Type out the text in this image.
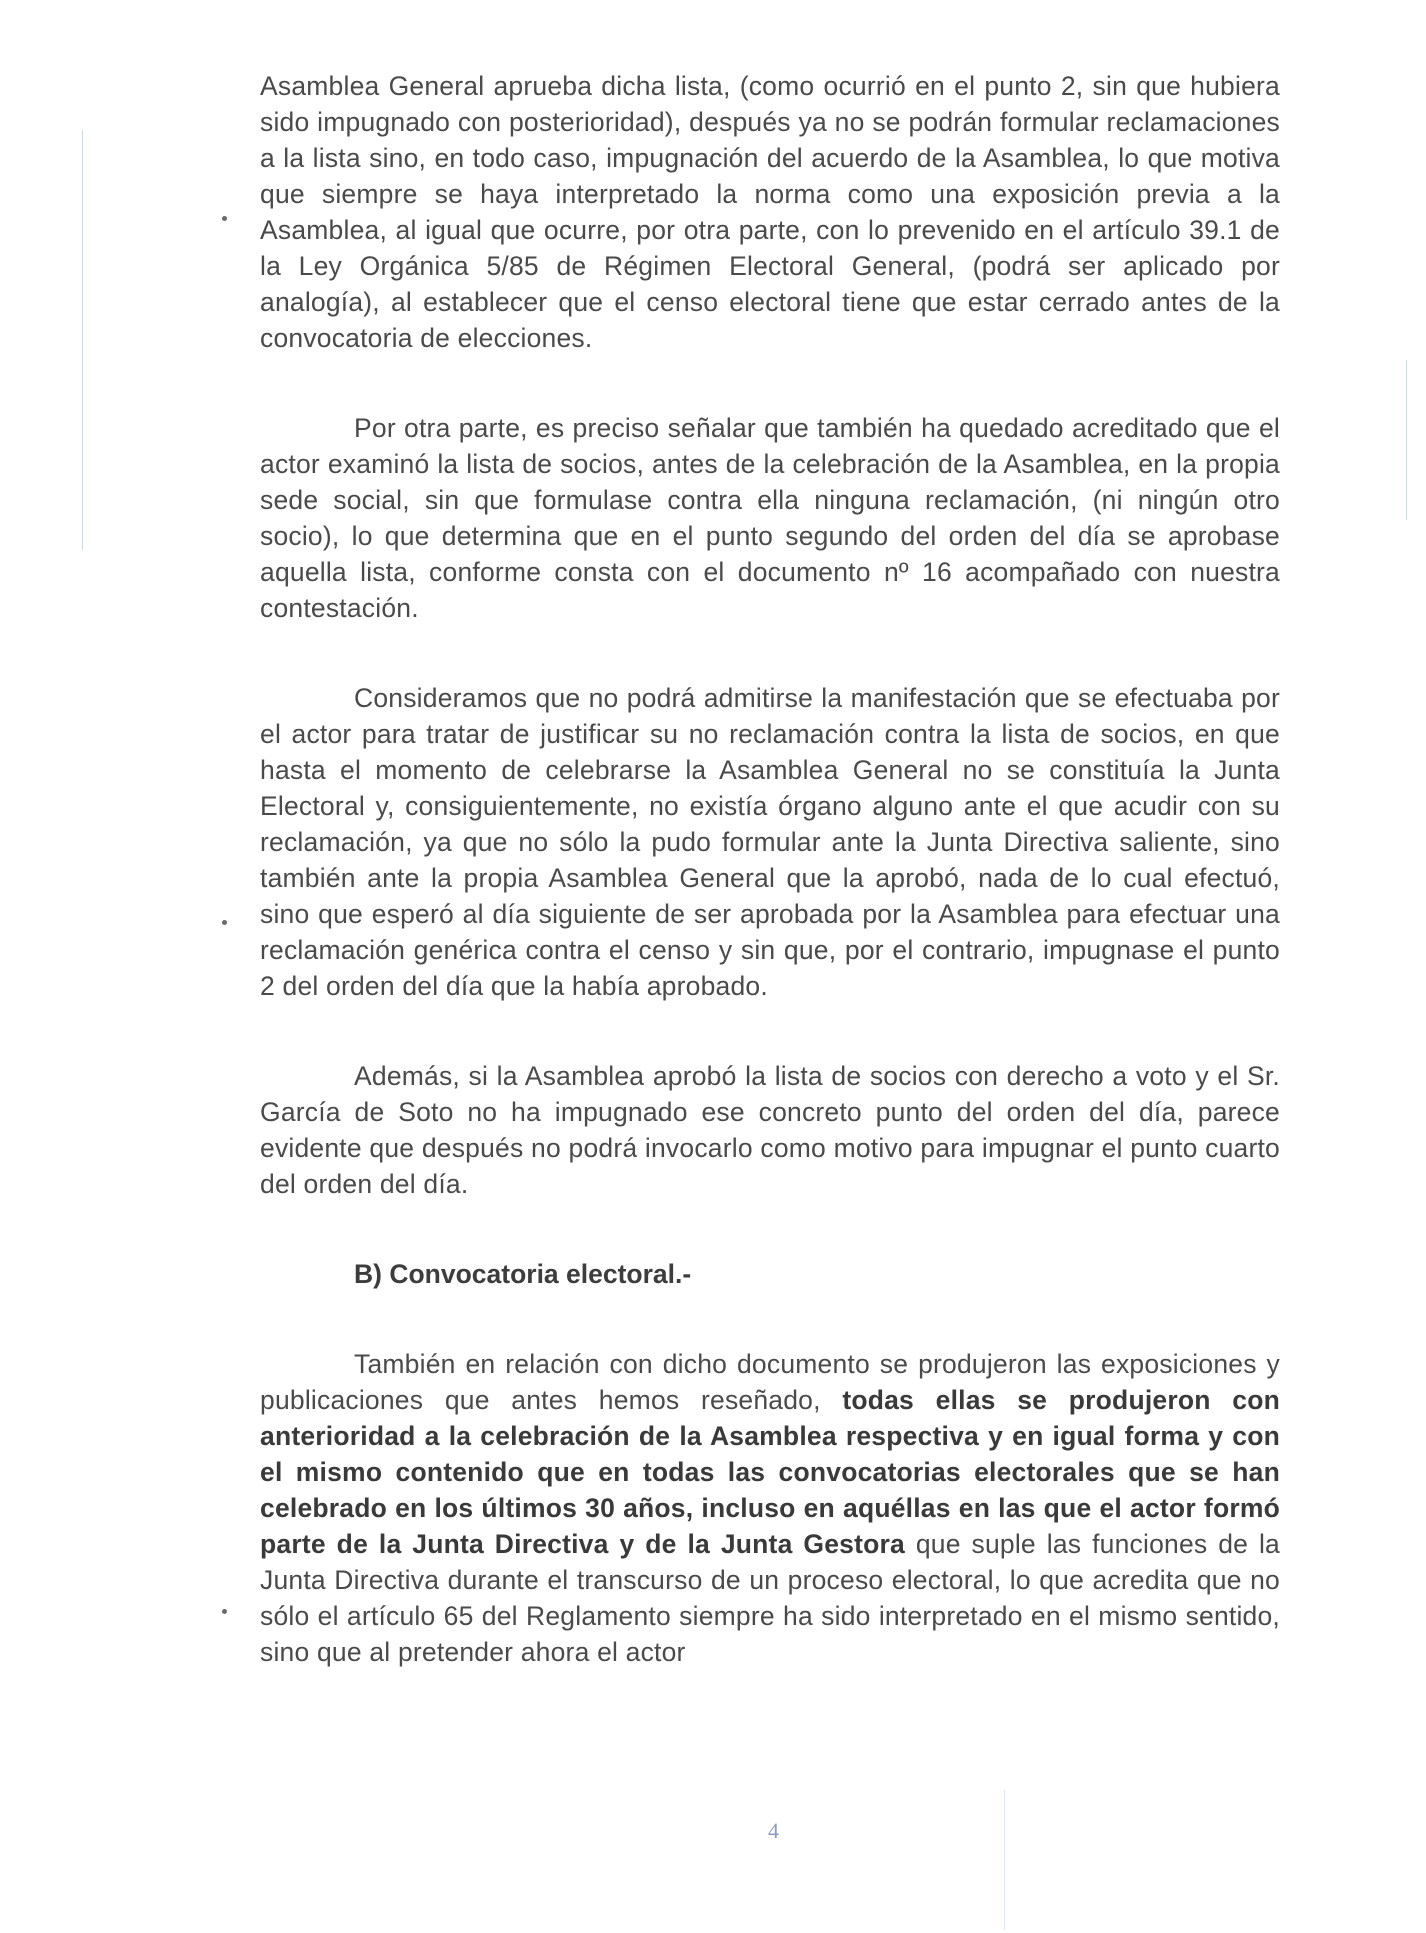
Asamblea General aprueba dicha lista, (como ocurrió en el punto 2, sin que hubiera sido impugnado con posterioridad), después ya no se podrán formular reclamaciones a la lista sino, en todo caso, impugnación del acuerdo de la Asamblea, lo que motiva que siempre se haya interpretado la norma como una exposición previa a la Asamblea, al igual que ocurre, por otra parte, con lo prevenido en el artículo 39.1 de la Ley Orgánica 5/85 de Régimen Electoral General, (podrá ser aplicado por analogía), al establecer que el censo electoral tiene que estar cerrado antes de la convocatoria de elecciones.

Por otra parte, es preciso señalar que también ha quedado acreditado que el actor examinó la lista de socios, antes de la celebración de la Asamblea, en la propia sede social, sin que formulase contra ella ninguna reclamación, (ni ningún otro socio), lo que determina que en el punto segundo del orden del día se aprobase aquella lista, conforme consta con el documento nº 16 acompañado con nuestra contestación.

Consideramos que no podrá admitirse la manifestación que se efectuaba por el actor para tratar de justificar su no reclamación contra la lista de socios, en que hasta el momento de celebrarse la Asamblea General no se constituía la Junta Electoral y, consiguientemente, no existía órgano alguno ante el que acudir con su reclamación, ya que no sólo la pudo formular ante la Junta Directiva saliente, sino también ante la propia Asamblea General que la aprobó, nada de lo cual efectuó, sino que esperó al día siguiente de ser aprobada por la Asamblea para efectuar una reclamación genérica contra el censo y sin que, por el contrario, impugnase el punto 2 del orden del día que la había aprobado.

Además, si la Asamblea aprobó la lista de socios con derecho a voto y el Sr. García de Soto no ha impugnado ese concreto punto del orden del día, parece evidente que después no podrá invocarlo como motivo para impugnar el punto cuarto del orden del día.

B) Convocatoria electoral.-

También en relación con dicho documento se produjeron las exposiciones y publicaciones que antes hemos reseñado, todas ellas se produjeron con anterioridad a la celebración de la Asamblea respectiva y en igual forma y con el mismo contenido que en todas las convocatorias electorales que se han celebrado en los últimos 30 años, incluso en aquéllas en las que el actor formó parte de la Junta Directiva y de la Junta Gestora que suple las funciones de la Junta Directiva durante el transcurso de un proceso electoral, lo que acredita que no sólo el artículo 65 del Reglamento siempre ha sido interpretado en el mismo sentido, sino que al pretender ahora el actor

4
